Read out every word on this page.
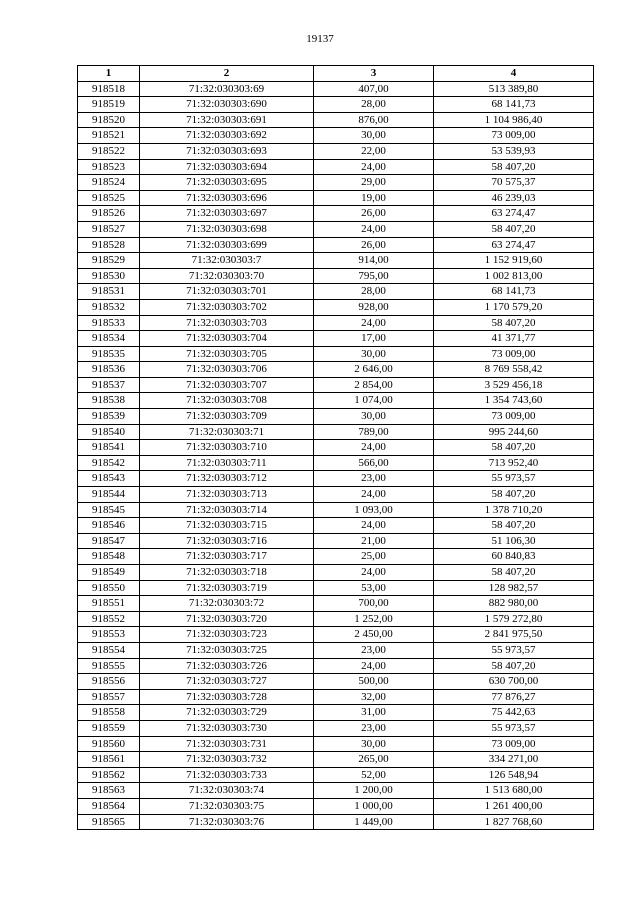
19137
1	2	3	4
918518	71:32:030303:69	407,00	513 389,80
918519	71:32:030303:690	28,00	68 141,73
918520	71:32:030303:691	876,00	1 104 986,40
918521	71:32:030303:692	30,00	73 009,00
918522	71:32:030303:693	22,00	53 539,93
918523	71:32:030303:694	24,00	58 407,20
918524	71:32:030303:695	29,00	70 575,37
918525	71:32:030303:696	19,00	46 239,03
918526	71:32:030303:697	26,00	63 274,47
918527	71:32:030303:698	24,00	58 407,20
918528	71:32:030303:699	26,00	63 274,47
918529	71:32:030303:7	914,00	1 152 919,60
918530	71:32:030303:70	795,00	1 002 813,00
918531	71:32:030303:701	28,00	68 141,73
918532	71:32:030303:702	928,00	1 170 579,20
918533	71:32:030303:703	24,00	58 407,20
918534	71:32:030303:704	17,00	41 371,77
918535	71:32:030303:705	30,00	73 009,00
918536	71:32:030303:706	2 646,00	8 769 558,42
918537	71:32:030303:707	2 854,00	3 529 456,18
918538	71:32:030303:708	1 074,00	1 354 743,60
918539	71:32:030303:709	30,00	73 009,00
918540	71:32:030303:71	789,00	995 244,60
918541	71:32:030303:710	24,00	58 407,20
918542	71:32:030303:711	566,00	713 952,40
918543	71:32:030303:712	23,00	55 973,57
918544	71:32:030303:713	24,00	58 407,20
918545	71:32:030303:714	1 093,00	1 378 710,20
918546	71:32:030303:715	24,00	58 407,20
918547	71:32:030303:716	21,00	51 106,30
918548	71:32:030303:717	25,00	60 840,83
918549	71:32:030303:718	24,00	58 407,20
918550	71:32:030303:719	53,00	128 982,57
918551	71:32:030303:72	700,00	882 980,00
918552	71:32:030303:720	1 252,00	1 579 272,80
918553	71:32:030303:723	2 450,00	2 841 975,50
918554	71:32:030303:725	23,00	55 973,57
918555	71:32:030303:726	24,00	58 407,20
918556	71:32:030303:727	500,00	630 700,00
918557	71:32:030303:728	32,00	77 876,27
918558	71:32:030303:729	31,00	75 442,63
918559	71:32:030303:730	23,00	55 973,57
918560	71:32:030303:731	30,00	73 009,00
918561	71:32:030303:732	265,00	334 271,00
918562	71:32:030303:733	52,00	126 548,94
918563	71:32:030303:74	1 200,00	1 513 680,00
918564	71:32:030303:75	1 000,00	1 261 400,00
918565	71:32:030303:76	1 449,00	1 827 768,60
